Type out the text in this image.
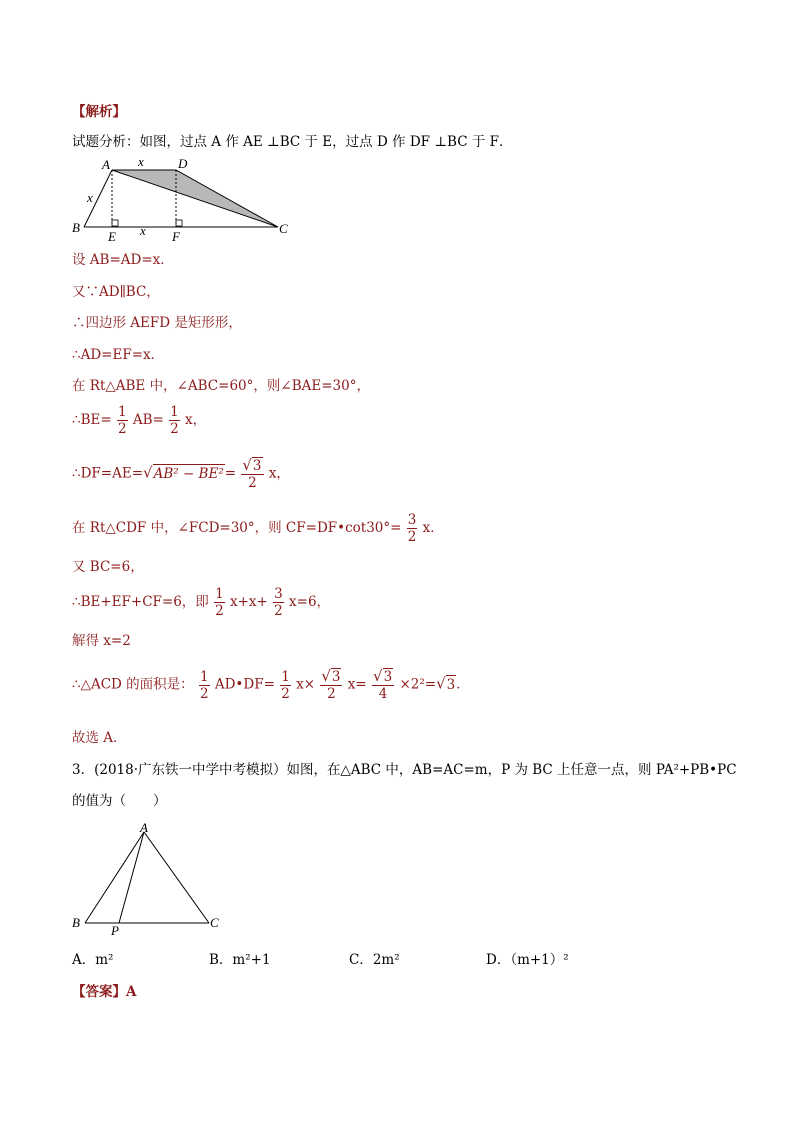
【解析】
试题分析：如图，过点 A 作 AE ⊥BC 于 E，过点 D 作 DF ⊥BC 于 F．
A	D
B
E	F
C
x
x
x
设 AB=AD=x．
又∵AD∥BC，
∴四边形 AEFD 是矩形形，
∴AD=EF=x．
在 Rt△ABE 中，∠ABC=60°，则∠BAE=30°，
∴BE= $\frac{1}{2} AB= \frac{1}{2}$ x，
∴DF=AE=√AB² − $BE^2= \frac{√3}{2}$ x，
在 Rt△CDF 中，∠FCD=30°，则 CF=DF•cot30°= $\frac{3}{2}$ x．
又 BC=6，
∴BE+EF+CF=6，即 $\frac{1}{2} x+x+ \frac{3}{2} x=6$，
解得 x=2
∴△ACD 的面积是： $\frac{1}{2}$ AD•DF= $\frac{1}{2} x\times \frac{√3}{2} x= \frac{√3}{4} \times 2^2=√3$．
故选 A．
3．(2018·广东铁一中学中考模拟）如图，在△ABC 中，AB=AC=m，P 为 BC 上任意一点，则 PA²+PB•PC
的值为（　　）
A
B	C
P
A．m²	B．m²+1	C．2m²	D．（m+1）²
【答案】A
